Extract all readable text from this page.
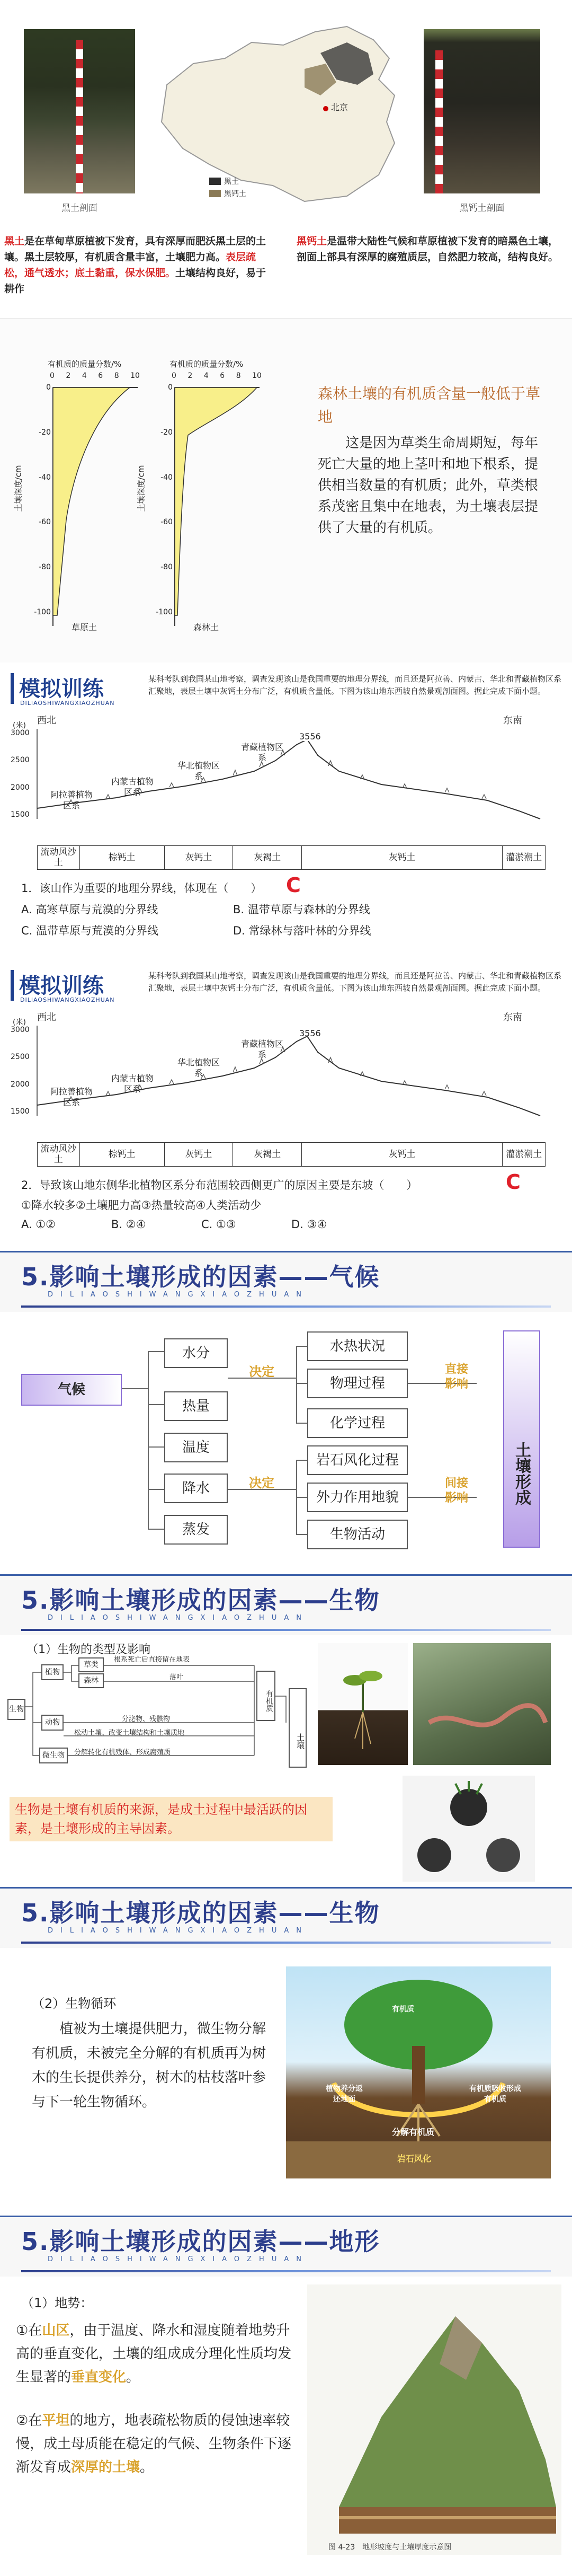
黑土剖面
北京
黑土
黑钙土
黑钙土剖面
黑土是在草甸草原植被下发育，具有深厚而肥沃黑土层的土壤。黑土层较厚，有机质含量丰富，土壤肥力高。表层疏松，通气透水；底土黏重，保水保肥。土壤结构良好，易于耕作
黑钙土是温带大陆性气候和草原植被下发育的暗黑色土壤，剖面上部具有深厚的腐殖质层，自然肥力较高，结构良好。
有机质的质量分数/%	有机质的质量分数/%
0 2 4 6 8 10	0 2 4 6 8 10
0
-20
-40
-60
-80
-100
0
-20
-40
-60
-80
-100
土壤深度/cm	土壤深度/cm
草原土	森林土
森林土壤的有机质含量一般低于草地
这是因为草类生命周期短，每年死亡大量的地上茎叶和地下根系，提供相当数量的有机质；此外，草类根系茂密且集中在地表，为土壤表层提供了大量的有机质。
模拟训练
DILIAOSHIWANGXIAOZHUAN
某科考队到我国某山地考察，调查发现该山是我国重要的地理分界线，而且还是阿拉善、内蒙古、华北和青藏植物区系汇聚地，表层土壤中灰钙土分布广泛，有机质含量低。下图为该山地东西坡自然景观剖面图。据此完成下面小题。
(米)
3000
2500
2000
1500
西北	东南
3556
阿拉善植物区系
内蒙古植物区系
华北植物区系
青藏植物区系
流动风沙土	棕钙土	灰钙土	灰褐土	灰钙土	灌淤潮土
1．该山作为重要的地理分界线，体现在（　　） C
A. 高寒草原与荒漠的分界线	B. 温带草原与森林的分界线
C. 温带草原与荒漠的分界线	D. 常绿林与落叶林的分界线
模拟训练
DILIAOSHIWANGXIAOZHUAN
某科考队到我国某山地考察，调查发现该山是我国重要的地理分界线，而且还是阿拉善、内蒙古、华北和青藏植物区系汇聚地，表层土壤中灰钙土分布广泛，有机质含量低。下图为该山地东西坡自然景观剖面图。据此完成下面小题。
(米)
3000
2500
2000
1500
西北	东南
3556
阿拉善植物区系
内蒙古植物区系
华北植物区系
青藏植物区系
流动风沙土	棕钙土	灰钙土	灰褐土	灰钙土	灌淤潮土
2．导致该山地东侧华北植物区系分布范围较西侧更广的原因主要是东坡（　　）	C
①降水较多②土壤肥力高③热量较高④人类活动少
A. ①②	B. ②④	C. ①③	D. ③④
5.影响土壤形成的因素——气候
DILIAOSHIWANGXIAOZHUAN
气候
水分
热量
温度
降水
蒸发
决定
决定
水热状况
物理过程
化学过程
岩石风化过程
外力作用地貌
生物活动
直接影响
间接影响	土壤形成
5.影响土壤形成的因素——生物
DILIAOSHIWANGXIAOZHUAN
（1）生物的类型及影响
生物
植物
动物
微生物
草类
森林
根系死亡后直接留在地表
落叶
分泌物、残骸物
松动土壤、改变土壤结构和土壤质地
分解转化有机残体、形成腐殖质
有机质
土壤
生物是土壤有机质的来源，是成土过程中最活跃的因素，是土壤形成的主导因素。
5.影响土壤形成的因素——生物
DILIAOSHIWANGXIAOZHUAN
（2）生物循环
植被为土壤提供肥力，微生物分解有机质，未被完全分解的有机质再为树木的生长提供养分，树木的枯枝落叶参与下一轮生物循环。
植物养分返还地面
有机质吸收形成有机质
有机质
分解有机质
岩石风化
5.影响土壤形成的因素——地形
DILIAOSHIWANGXIAOZHUAN
（1）地势：
①在山区，由于温度、降水和湿度随着地势升高的垂直变化，土壤的组成成分理化性质均发生显著的垂直变化。
②在平坦的地方，地表疏松物质的侵蚀速率较慢，成土母质能在稳定的气候、生物条件下逐渐发育成深厚的土壤。
图 4-23　地形坡度与土壤厚度示意图
